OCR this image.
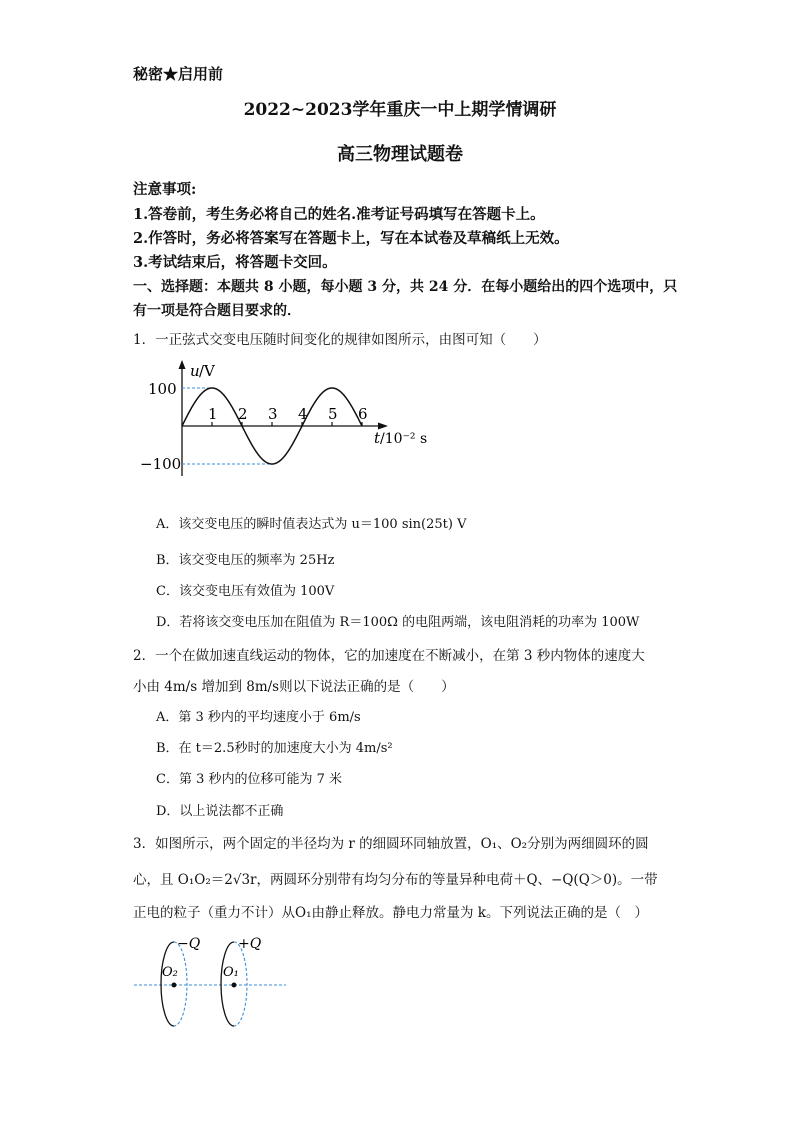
秘密★启用前
2022~2023学年重庆一中上期学情调研
高三物理试题卷
注意事项:
1.答卷前，考生务必将自己的姓名.准考证号码填写在答题卡上。
2.作答时，务必将答案写在答题卡上，写在本试卷及草稿纸上无效。
3.考试结束后，将答题卡交回。
一、选择题：本题共 8 小题，每小题 3 分，共 24 分．在每小题给出的四个选项中，只
有一项是符合题目要求的．
1．一正弦式交变电压随时间变化的规律如图所示，由图可知（　　）
u /V
100
−100
1 2 3 4 5 6
t /10⁻² s
A．该交变电压的瞬时值表达式为 u＝100 sin(25t) V
B．该交变电压的频率为 25Hz
C．该交变电压有效值为 100V
D．若将该交变电压加在阻值为 R＝100Ω 的电阻两端，该电阻消耗的功率为 100W
2．一个在做加速直线运动的物体，它的加速度在不断减小，在第 3 秒内物体的速度大
小由 4m/s 增加到 8m/s则以下说法正确的是（　　）
A．第 3 秒内的平均速度小于 6m/s
B．在 t＝2.5秒时的加速度大小为 4m/s²
C．第 3 秒内的位移可能为 7 米
D．以上说法都不正确
3．如图所示，两个固定的半径均为 r 的细圆环同轴放置，O₁、O₂分别为两细圆环的圆
心，且 O₁O₂＝2√3r，两圆环分别带有均匀分布的等量异种电荷＋Q、−Q(Q＞0)。一带
正电的粒子（重力不计）从O₁由静止释放。静电力常量为 k。下列说法正确的是（　）
−Q	+Q
O₂	O₁
